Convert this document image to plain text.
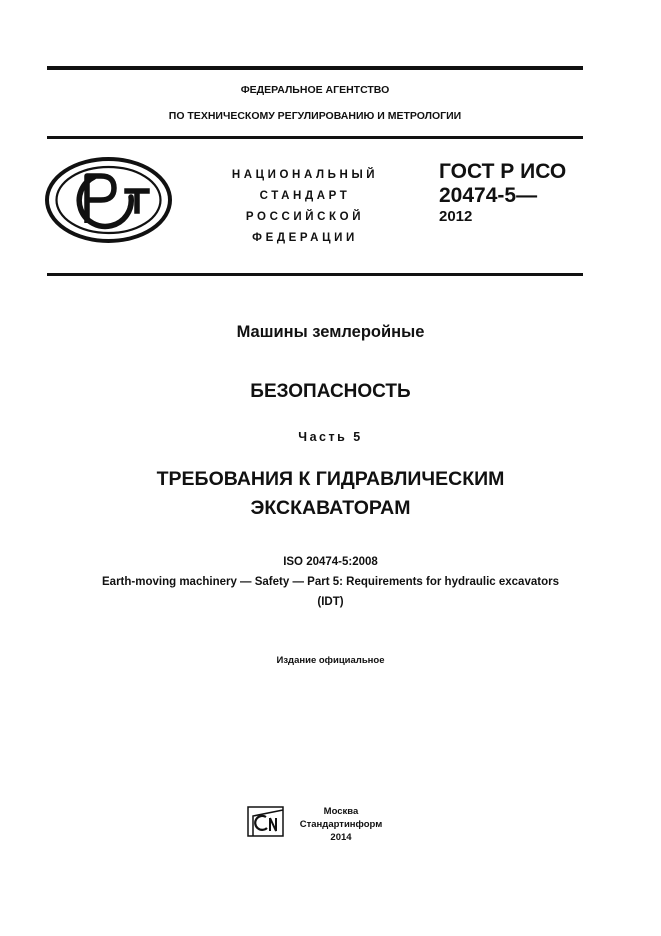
ФЕДЕРАЛЬНОЕ АГЕНТСТВО
ПО ТЕХНИЧЕСКОМУ РЕГУЛИРОВАНИЮ И МЕТРОЛОГИИ
НАЦИОНАЛЬНЫЙ
СТАНДАРТ
РОССИЙСКОЙ
ФЕДЕРАЦИИ
ГОСТ Р ИСО
20474-5—
2012
Машины землеройные
БЕЗОПАСНОСТЬ
Часть 5
ТРЕБОВАНИЯ К ГИДРАВЛИЧЕСКИМ
ЭКСКАВАТОРАМ
ISO 20474-5:2008
Earth-moving machinery — Safety — Part 5: Requirements for hydraulic excavators
(IDT)
Издание официальное
Москва
Стандартинформ
2014
